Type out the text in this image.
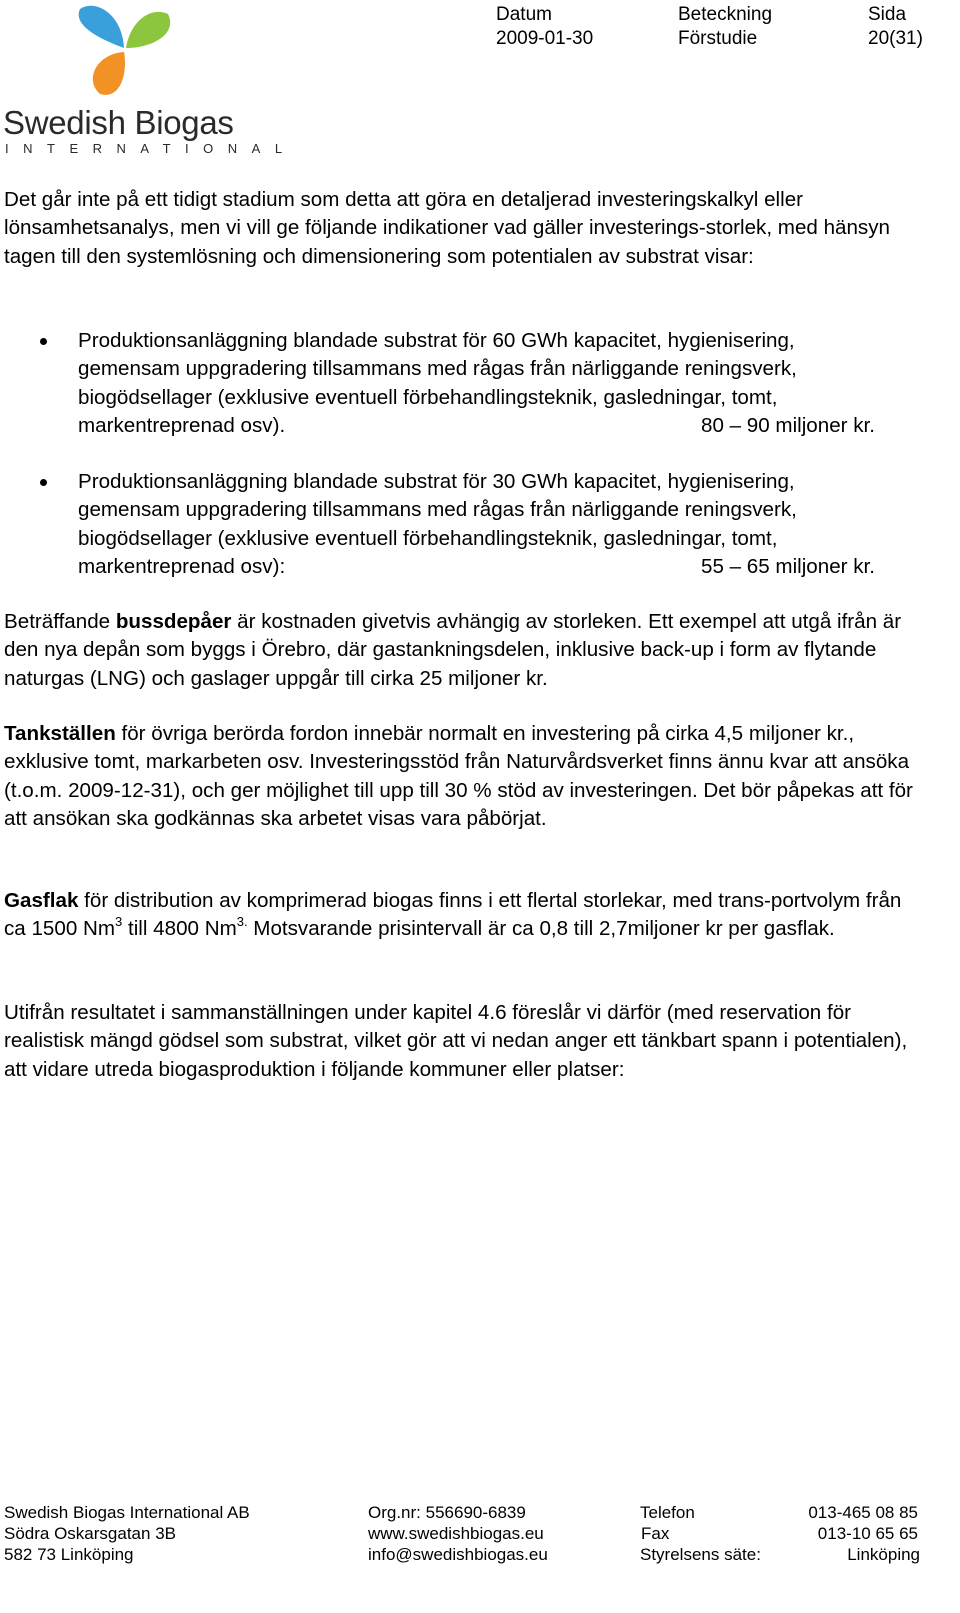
Swedish Biogas
INTERNATIONAL
Datum
2009-01-30
Beteckning
Förstudie
Sida
20(31)

Det går inte på ett tidigt stadium som detta att göra en detaljerad investeringskalkyl eller lönsamhetsanalys, men vi vill ge följande indikationer vad gäller investerings-storlek, med hänsyn tagen till den systemlösning och dimensionering som potentialen av substrat visar:

Produktionsanläggning blandade substrat för 60 GWh kapacitet, hygienisering,
gemensam uppgradering tillsammans med rågas från närliggande reningsverk,
biogödsellager (exklusive eventuell förbehandlingsteknik, gasledningar, tomt,
markentreprenad osv).	80 – 90 miljoner kr.
Produktionsanläggning blandade substrat för 30 GWh kapacitet, hygienisering,
gemensam uppgradering tillsammans med rågas från närliggande reningsverk,
biogödsellager (exklusive eventuell förbehandlingsteknik, gasledningar, tomt,
markentreprenad osv):	55 – 65 miljoner kr.

Beträffande bussdepåer är kostnaden givetvis avhängig av storleken. Ett exempel att utgå ifrån är den nya depån som byggs i Örebro, där gastankningsdelen, inklusive back-up i form av flytande naturgas (LNG) och gaslager uppgår till cirka 25 miljoner kr.

Tankställen för övriga berörda fordon innebär normalt en investering på cirka 4,5 miljoner kr., exklusive tomt, markarbeten osv. Investeringsstöd från Naturvårdsverket finns ännu kvar att ansöka (t.o.m. 2009-12-31), och ger möjlighet till upp till 30 % stöd av investeringen. Det bör påpekas att för att ansökan ska godkännas ska arbetet visas vara påbörjat.

Gasflak för distribution av komprimerad biogas finns i ett flertal storlekar, med trans-portvolym från ca 1500 Nm$^3$ till 4800 $Nm^{3.}$ Motsvarande prisintervall är ca 0,8 till 2,7miljoner kr per gasflak.

Utifrån resultatet i sammanställningen under kapitel 4.6 föreslår vi därför (med reservation för realistisk mängd gödsel som substrat, vilket gör att vi nedan anger ett tänkbart spann i potentialen), att vidare utreda biogasproduktion i följande kommuner eller platser:

Swedish Biogas International AB
Södra Oskarsgatan 3B
582 73 Linköping
Org.nr: 556690-6839
www.swedishbiogas.eu
info@swedishbiogas.eu
Telefon
Fax
Styrelsens säte:
013-465 08 85
013-10 65 65
Linköping
